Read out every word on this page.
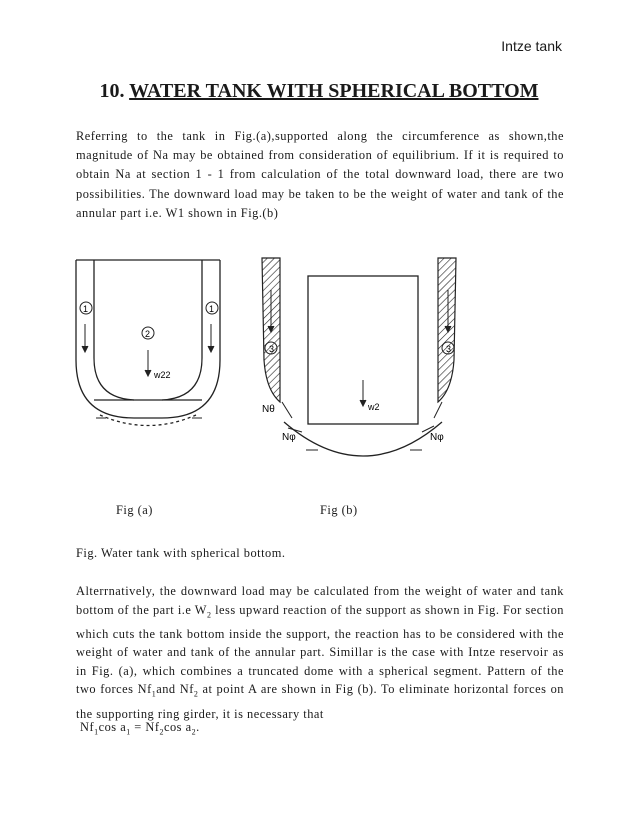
Intze tank
10. WATER TANK WITH SPHERICAL BOTTOM
Referring to the tank in Fig.(a),supported along the circumference as shown,the magnitude of Na may be obtained from consideration of equilibrium. If it is required to obtain Na at section 1 - 1 from calculation of the total downward load, there are two possibilities. The downward load may be taken to be the weight of water and tank of the annular part i.e. W1 shown in Fig.(b)
1	1
2
w22
3	3
w2
Nθ
Nφ	Nφ
Fig (a)	Fig (b)
Fig. Water tank with spherical bottom.
Alterrnatively, the downward load may be calculated from the weight of water and tank bottom of the part i.e $W_2$ less upward reaction of the support as shown in Fig. For section which cuts the tank bottom inside the support, the reaction has to be considered with the weight of water and tank of the annular part. Simillar is the case with Intze reservoir as in Fig. (a), which combines a truncated dome with a spherical segment. Pattern of the two forces $Nf_1and$ $Nf_2$ at point A are shown in Fig (b). To eliminate horizontal forces on the supporting ring girder, it is necessary that
$Nf_1\cos$ $a_1 = Nf_2\cos$ $a_2$.
